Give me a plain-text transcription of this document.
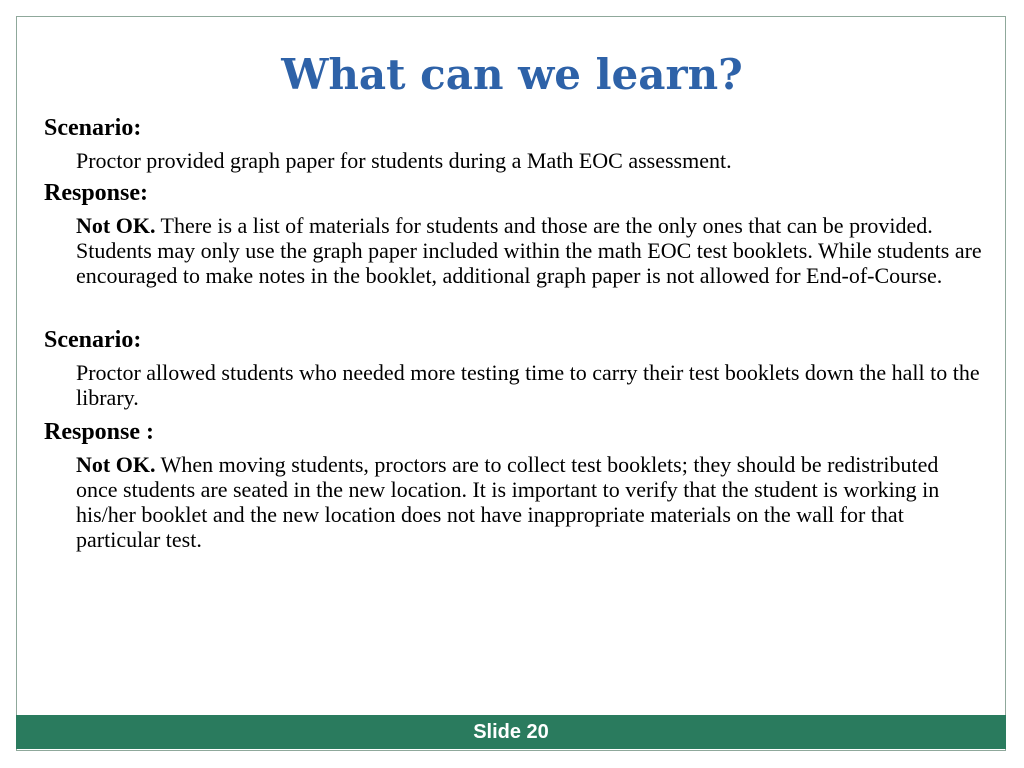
What can we learn?

Scenario:

Proctor provided graph paper for students during a Math EOC assessment.

Response:

Not OK. There is a list of materials for students and those are the only ones that can be provided. Students may only use the graph paper included within the math EOC test booklets. While students are encouraged to make notes in the booklet, additional graph paper is not allowed for End-of-Course.

Scenario:

Proctor allowed students who needed more testing time to carry their test booklets down the hall to the library.

Response :

Not OK. When moving students, proctors are to collect test booklets; they should be redistributed once students are seated in the new location. It is important to verify that the student is working in his/her booklet and the new location does not have inappropriate materials on the wall for that particular test.

Slide 20
